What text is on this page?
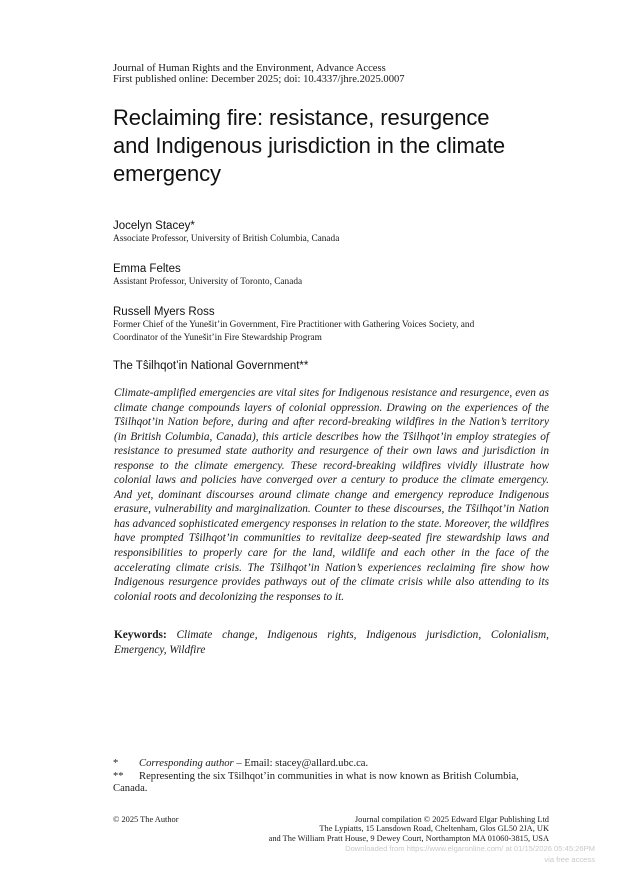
Journal of Human Rights and the Environment, Advance Access
First published online: December 2025; doi: 10.4337/jhre.2025.0007
Reclaiming fire: resistance, resurgence
and Indigenous jurisdiction in the climate
emergency
Jocelyn Stacey*
Associate Professor, University of British Columbia, Canada
Emma Feltes
Assistant Professor, University of Toronto, Canada
Russell Myers Ross
Former Chief of the Yunešit’in Government, Fire Practitioner with Gathering Voices Society, and
Coordinator of the Yunešit’in Fire Stewardship Program
The Tŝilhqot’in National Government**

Climate-amplified emergencies are vital sites for Indigenous resistance and resurgence, even as climate change compounds layers of colonial oppression. Drawing on the experiences of the Tŝilhqot’in Nation before, during and after record-breaking wildfires in the Nation’s territory (in British Columbia, Canada), this article describes how the Tŝilhqot’in employ strategies of resistance to presumed state authority and resurgence of their own laws and jurisdiction in response to the climate emergency. These record-breaking wildfires vividly illustrate how colonial laws and policies have converged over a century to produce the climate emergency. And yet, dominant discourses around climate change and emergency reproduce Indigenous erasure, vulnerability and marginalization. Counter to these discourses, the Tŝilhqot’in Nation has advanced sophisticated emergency responses in relation to the state. Moreover, the wildfires have prompted Tŝilhqot’in communities to revitalize deep-seated fire stewardship laws and responsibilities to properly care for the land, wildlife and each other in the face of the accelerating climate crisis. The Tŝilhqot’in Nation’s experiences reclaiming fire show how Indigenous resurgence provides pathways out of the climate crisis while also attending to its colonial roots and decolonizing the responses to it.

Keywords: Climate change, Indigenous rights, Indigenous jurisdiction, Colonialism, Emergency, Wildfire

*	Corresponding author – Email: stacey@allard.ubc.ca.
** Representing the six Tŝilhqot’in communities in what is now known as British Columbia, Canada.
© 2025 The Author	Journal compilation © 2025 Edward Elgar Publishing Ltd
The Lypiatts, 15 Lansdown Road, Cheltenham, Glos GL50 2JA, UK
and The William Pratt House, 9 Dewey Court, Northampton MA 01060-3815, USA
Downloaded from https://www.elgaronline.com/ at 01/15/2026 05:45:26PM
via free access
